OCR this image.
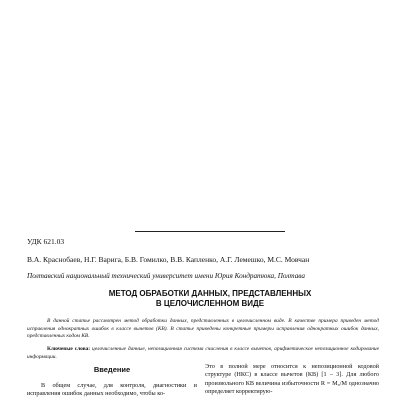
УДК 621.03
В.А. Краснобаев, Н.Г. Варига, Б.В. Гомилко, В.В. Капленко, А.Г. Лемешко, М.С. Мовчан
Полтавский национальный технический университет имени Юрия Кондратюка, Полтава
МЕТОД ОБРАБОТКИ ДАННЫХ, ПРЕДСТАВЛЕННЫХ
В ЦЕЛОЧИСЛЕННОМ ВИДЕ

В данной статье рассмотрен метод обработки данных, представленных в целочисленном виде. В качестве примера приведен метод исправления однократных ошибок в классе вычетов (КВ). В статье приведены конкретные примеры исправления однократных ошибок данных, представленных кодом КВ.

Ключевые слова: целочисленные данные, непозиционная система счисления в классе вычетов, арифметическое непозиционное кодирование информации.

Введение

В общем случае, для контроля, диагностики и исправления ошибок данных необходимо, чтобы ко-

Это в полной мере относится к непозиционной кодовой структуре (НКС) в классе вычетов (КВ) [1 – 3]. Для любого произвольного КВ величина избыточности R = M₀/M однозначно определяет корректирую-
